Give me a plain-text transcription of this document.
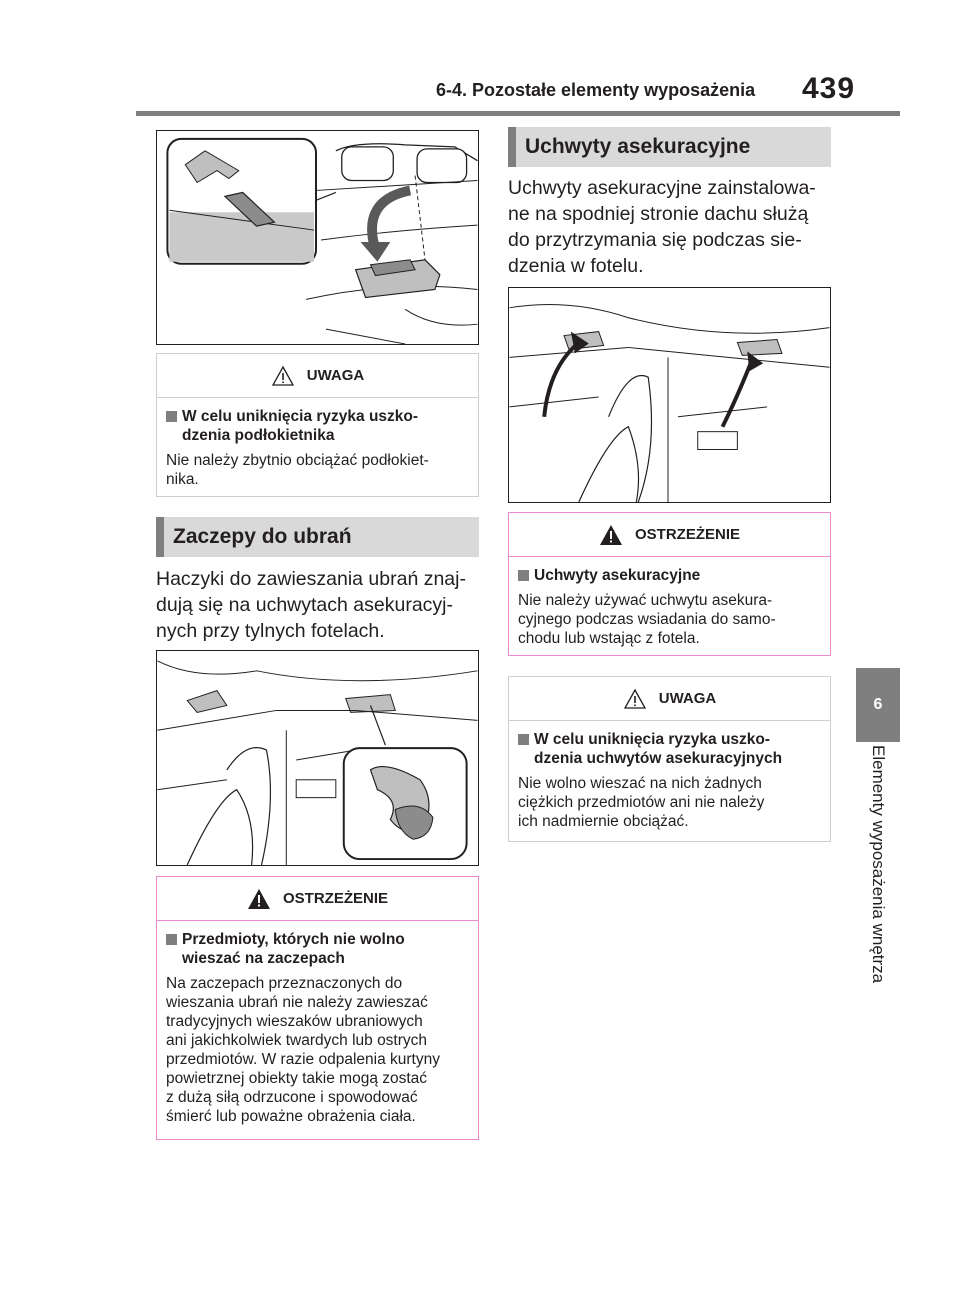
6-4. Pozostałe elementy wyposażenia 439
6
Elementy wyposażenia wnętrza
UWAGA
W celu uniknięcia ryzyka uszko-
dzenia podłokietnika
Nie należy zbytnio obciążać podłokiet-
nika.
Zaczepy do ubrań
Haczyki do zawieszania ubrań znaj-
dują się na uchwytach asekuracyj-
nych przy tylnych fotelach.
OSTRZEŻENIE
Przedmioty, których nie wolno
wieszać na zaczepach
Na zaczepach przeznaczonych do
wieszania ubrań nie należy zawieszać
tradycyjnych wieszaków ubraniowych
ani jakichkolwiek twardych lub ostrych
przedmiotów. W razie odpalenia kurtyny
powietrznej obiekty takie mogą zostać
z dużą siłą odrzucone i spowodować
śmierć lub poważne obrażenia ciała.
Uchwyty asekuracyjne
Uchwyty asekuracyjne zainstalowa-
ne na spodniej stronie dachu służą
do przytrzymania się podczas sie-
dzenia w fotelu.
OSTRZEŻENIE
Uchwyty asekuracyjne
Nie należy używać uchwytu asekura-
cyjnego podczas wsiadania do samo-
chodu lub wstając z fotela.
UWAGA
W celu uniknięcia ryzyka uszko-
dzenia uchwytów asekuracyjnych
Nie wolno wieszać na nich żadnych
ciężkich przedmiotów ani nie należy
ich nadmiernie obciążać.
